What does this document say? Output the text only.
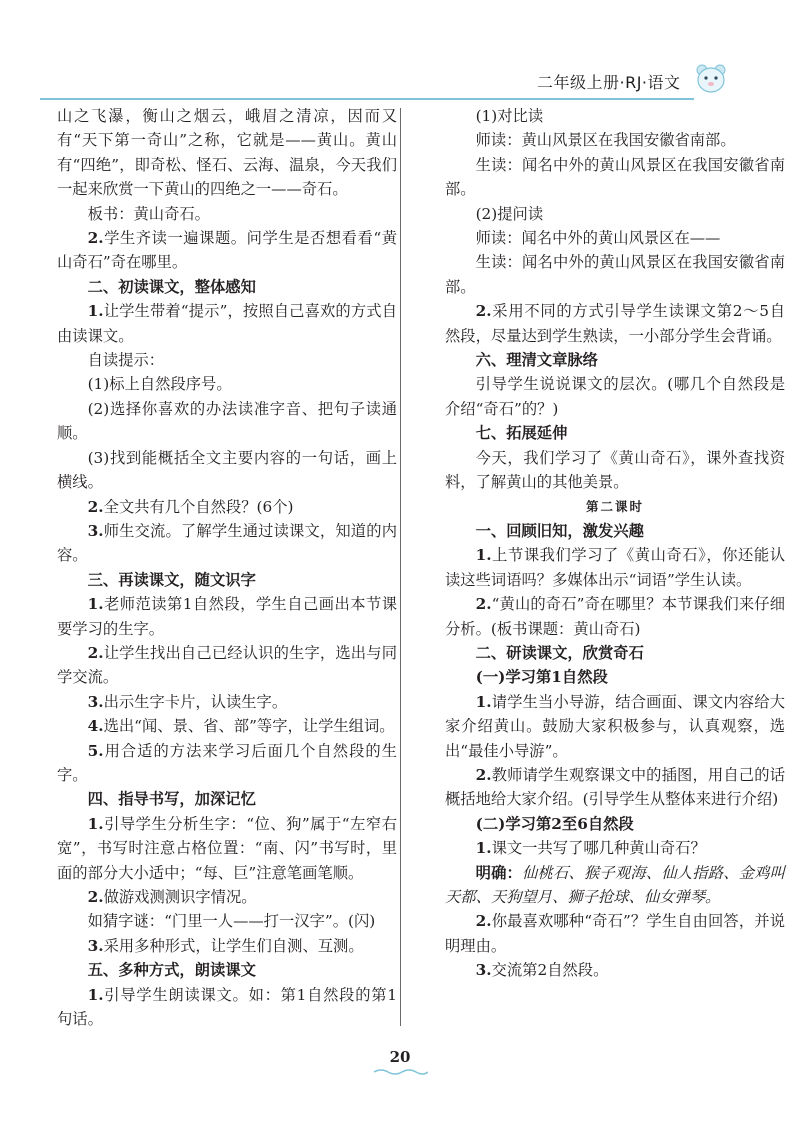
二年级上册·RJ·语文

山之飞瀑，衡山之烟云，峨眉之清凉，因而又有“天下第一奇山”之称，它就是——黄山。黄山有“四绝”，即奇松、怪石、云海、温泉，今天我们一起来欣赏一下黄山的四绝之一——奇石。

板书：黄山奇石。

2.学生齐读一遍课题。问学生是否想看看“黄山奇石”奇在哪里。

二、初读课文，整体感知

1.让学生带着“提示”，按照自己喜欢的方式自由读课文。

自读提示：

(1)标上自然段序号。

(2)选择你喜欢的办法读准字音、把句子读通顺。

(3)找到能概括全文主要内容的一句话，画上横线。

2.全文共有几个自然段？(6个)

3.师生交流。了解学生通过读课文，知道的内容。

三、再读课文，随文识字

1.老师范读第1自然段，学生自己画出本节课要学习的生字。

2.让学生找出自己已经认识的生字，选出与同学交流。

3.出示生字卡片，认读生字。

4.选出“闻、景、省、部”等字，让学生组词。

5.用合适的方法来学习后面几个自然段的生字。

四、指导书写，加深记忆

1.引导学生分析生字：“位、狗”属于“左窄右宽”，书写时注意占格位置：“南、闪”书写时，里面的部分大小适中；“每、巨”注意笔画笔顺。

2.做游戏测测识字情况。

如猜字谜：“门里一人——打一汉字”。(闪)

3.采用多种形式，让学生们自测、互测。

五、多种方式，朗读课文

1.引导学生朗读课文。如：第1自然段的第1句话。

(1)对比读

师读：黄山风景区在我国安徽省南部。

生读：闻名中外的黄山风景区在我国安徽省南部。

(2)提问读

师读：闻名中外的黄山风景区在——

生读：闻名中外的黄山风景区在我国安徽省南部。

2.采用不同的方式引导学生读课文第2～5自然段，尽量达到学生熟读，一小部分学生会背诵。

六、理清文章脉络

引导学生说说课文的层次。(哪几个自然段是介绍“奇石”的？)

七、拓展延伸

今天，我们学习了《黄山奇石》，课外查找资料，了解黄山的其他美景。

第二课时

一、回顾旧知，激发兴趣

1.上节课我们学习了《黄山奇石》，你还能认读这些词语吗？多媒体出示“词语”学生认读。

2.“黄山的奇石”奇在哪里？本节课我们来仔细分析。(板书课题：黄山奇石)

二、研读课文，欣赏奇石

(一)学习第1自然段

1.请学生当小导游，结合画面、课文内容给大家介绍黄山。鼓励大家积极参与，认真观察，选出“最佳小导游”。

2.教师请学生观察课文中的插图，用自己的话概括地给大家介绍。(引导学生从整体来进行介绍)

(二)学习第2至6自然段

1.课文一共写了哪几种黄山奇石？

明确：仙桃石、猴子观海、仙人指路、金鸡叫天都、天狗望月、狮子抢球、仙女弹琴。

2.你最喜欢哪种“奇石”？学生自由回答，并说明理由。

3.交流第2自然段。

20
